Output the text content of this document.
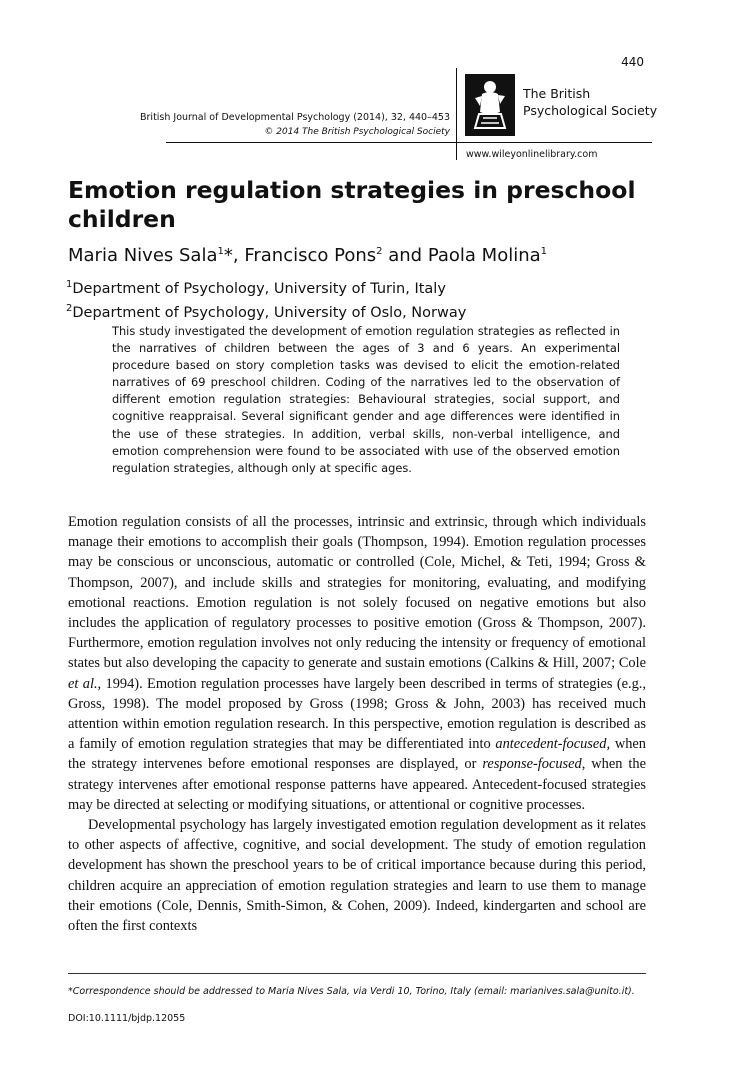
440
British Journal of Developmental Psychology (2014), 32, 440–453
© 2014 The British Psychological Society
The British
Psychological Society
www.wileyonlinelibrary.com
Emotion regulation strategies in preschool children
Maria Nives Sala$^1$*, Francisco Pons$^2$ and Paola Molina$^1$
$^1$Department of Psychology, University of Turin, Italy
$^2$Department of Psychology, University of Oslo, Norway

This study investigated the development of emotion regulation strategies as reflected in the narratives of children between the ages of 3 and 6 years. An experimental procedure based on story completion tasks was devised to elicit the emotion-related narratives of 69 preschool children. Coding of the narratives led to the observation of different emotion regulation strategies: Behavioural strategies, social support, and cognitive reappraisal. Several significant gender and age differences were identified in the use of these strategies. In addition, verbal skills, non-verbal intelligence, and emotion comprehension were found to be associated with use of the observed emotion regulation strategies, although only at specific ages.

Emotion regulation consists of all the processes, intrinsic and extrinsic, through which individuals manage their emotions to accomplish their goals (Thompson, 1994). Emotion regulation processes may be conscious or unconscious, automatic or controlled (Cole, Michel, & Teti, 1994; Gross & Thompson, 2007), and include skills and strategies for monitoring, evaluating, and modifying emotional reactions. Emotion regulation is not solely focused on negative emotions but also includes the application of regulatory processes to positive emotion (Gross & Thompson, 2007). Furthermore, emotion regulation involves not only reducing the intensity or frequency of emotional states but also developing the capacity to generate and sustain emotions (Calkins & Hill, 2007; Cole et al., 1994). Emotion regulation processes have largely been described in terms of strategies (e.g., Gross, 1998). The model proposed by Gross (1998; Gross & John, 2003) has received much attention within emotion regulation research. In this perspective, emotion regulation is described as a family of emotion regulation strategies that may be differentiated into antecedent-focused, when the strategy intervenes before emotional responses are displayed, or response-focused, when the strategy intervenes after emotional response patterns have appeared. Antecedent-focused strategies may be directed at selecting or modifying situations, or attentional or cognitive processes.

Developmental psychology has largely investigated emotion regulation development as it relates to other aspects of affective, cognitive, and social development. The study of emotion regulation development has shown the preschool years to be of critical importance because during this period, children acquire an appreciation of emotion regulation strategies and learn to use them to manage their emotions (Cole, Dennis, Smith-Simon, & Cohen, 2009). Indeed, kindergarten and school are often the first contexts

*Correspondence should be addressed to Maria Nives Sala, via Verdi 10, Torino, Italy (email: marianives.sala@unito.it).
DOI:10.1111/bjdp.12055
